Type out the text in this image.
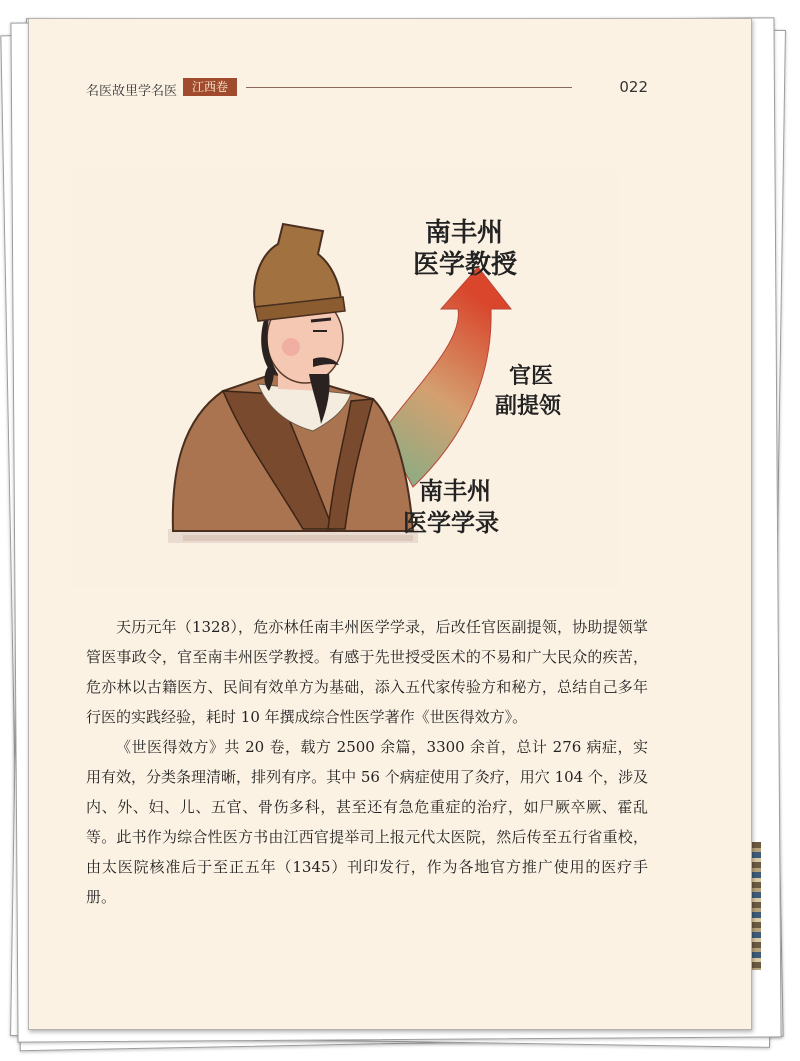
名医故里学名医	江西卷	022
南丰州
医学教授
官医
副提领
南丰州
医学学录

天历元年（1328），危亦林任南丰州医学学录，后改任官医副提领，协助提领掌管医事政令，官至南丰州医学教授。有感于先世授受医术的不易和广大民众的疾苦，危亦林以古籍医方、民间有效单方为基础，添入五代家传验方和秘方，总结自己多年行医的实践经验，耗时 10 年撰成综合性医学著作《世医得效方》。

《世医得效方》共 20 卷，载方 2500 余篇，3300 余首，总计 276 病症，实用有效，分类条理清晰，排列有序。其中 56 个病症使用了灸疗，用穴 104 个，涉及内、外、妇、儿、五官、骨伤多科，甚至还有急危重症的治疗，如尸厥卒厥、霍乱等。此书作为综合性医方书由江西官提举司上报元代太医院，然后传至五行省重校，由太医院核准后于至正五年（1345）刊印发行，作为各地官方推广使用的医疗手册。
